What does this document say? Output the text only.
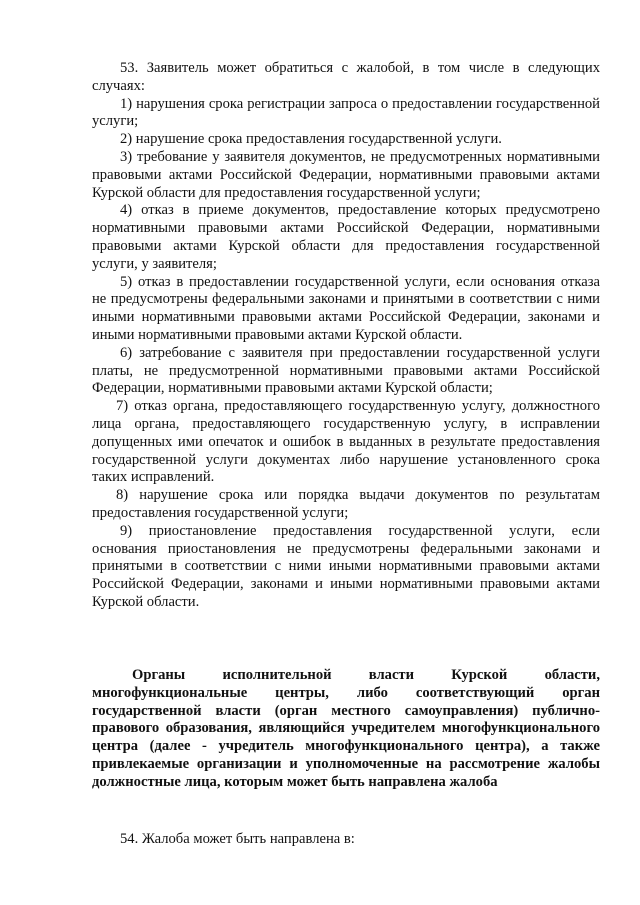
53. Заявитель может обратиться с жалобой, в том числе в следующих случаях:

1) нарушения срока регистрации запроса о предоставлении государственной услуги;

2) нарушение срока предоставления государственной услуги.

3) требование у заявителя документов, не предусмотренных нормативными правовыми актами Российской Федерации, нормативными правовыми актами Курской области для предоставления государственной услуги;

4) отказ в приеме документов, предоставление которых предусмотрено нормативными правовыми актами Российской Федерации, нормативными правовыми актами Курской области для предоставления государственной услуги, у заявителя;

5) отказ в предоставлении государственной услуги, если основания отказа не предусмотрены федеральными законами и принятыми в соответствии с ними иными нормативными правовыми актами Российской Федерации, законами и иными нормативными правовыми актами Курской области.

6) затребование с заявителя при предоставлении государственной услуги платы, не предусмотренной нормативными правовыми актами Российской Федерации, нормативными правовыми актами Курской области;

7) отказ органа, предоставляющего государственную услугу, должностного лица органа, предоставляющего государственную услугу, в исправлении допущенных ими опечаток и ошибок в выданных в результате предоставления государственной услуги документах либо нарушение установленного срока таких исправлений.

8) нарушение срока или порядка выдачи документов по результатам предоставления государственной услуги;

9) приостановление предоставления государственной услуги, если основания приостановления не предусмотрены федеральными законами и принятыми в соответствии с ними иными нормативными правовыми актами Российской Федерации, законами и иными нормативными правовыми актами Курской области.

Органы исполнительной власти Курской области, многофункциональные центры, либо соответствующий орган государственной власти (орган местного самоуправления) публично-правового образования, являющийся учредителем многофункционального центра (далее - учредитель многофункционального центра), а также привлекаемые организации и уполномоченные на рассмотрение жалобы должностные лица, которым может быть направлена жалоба

54. Жалоба может быть направлена в:
